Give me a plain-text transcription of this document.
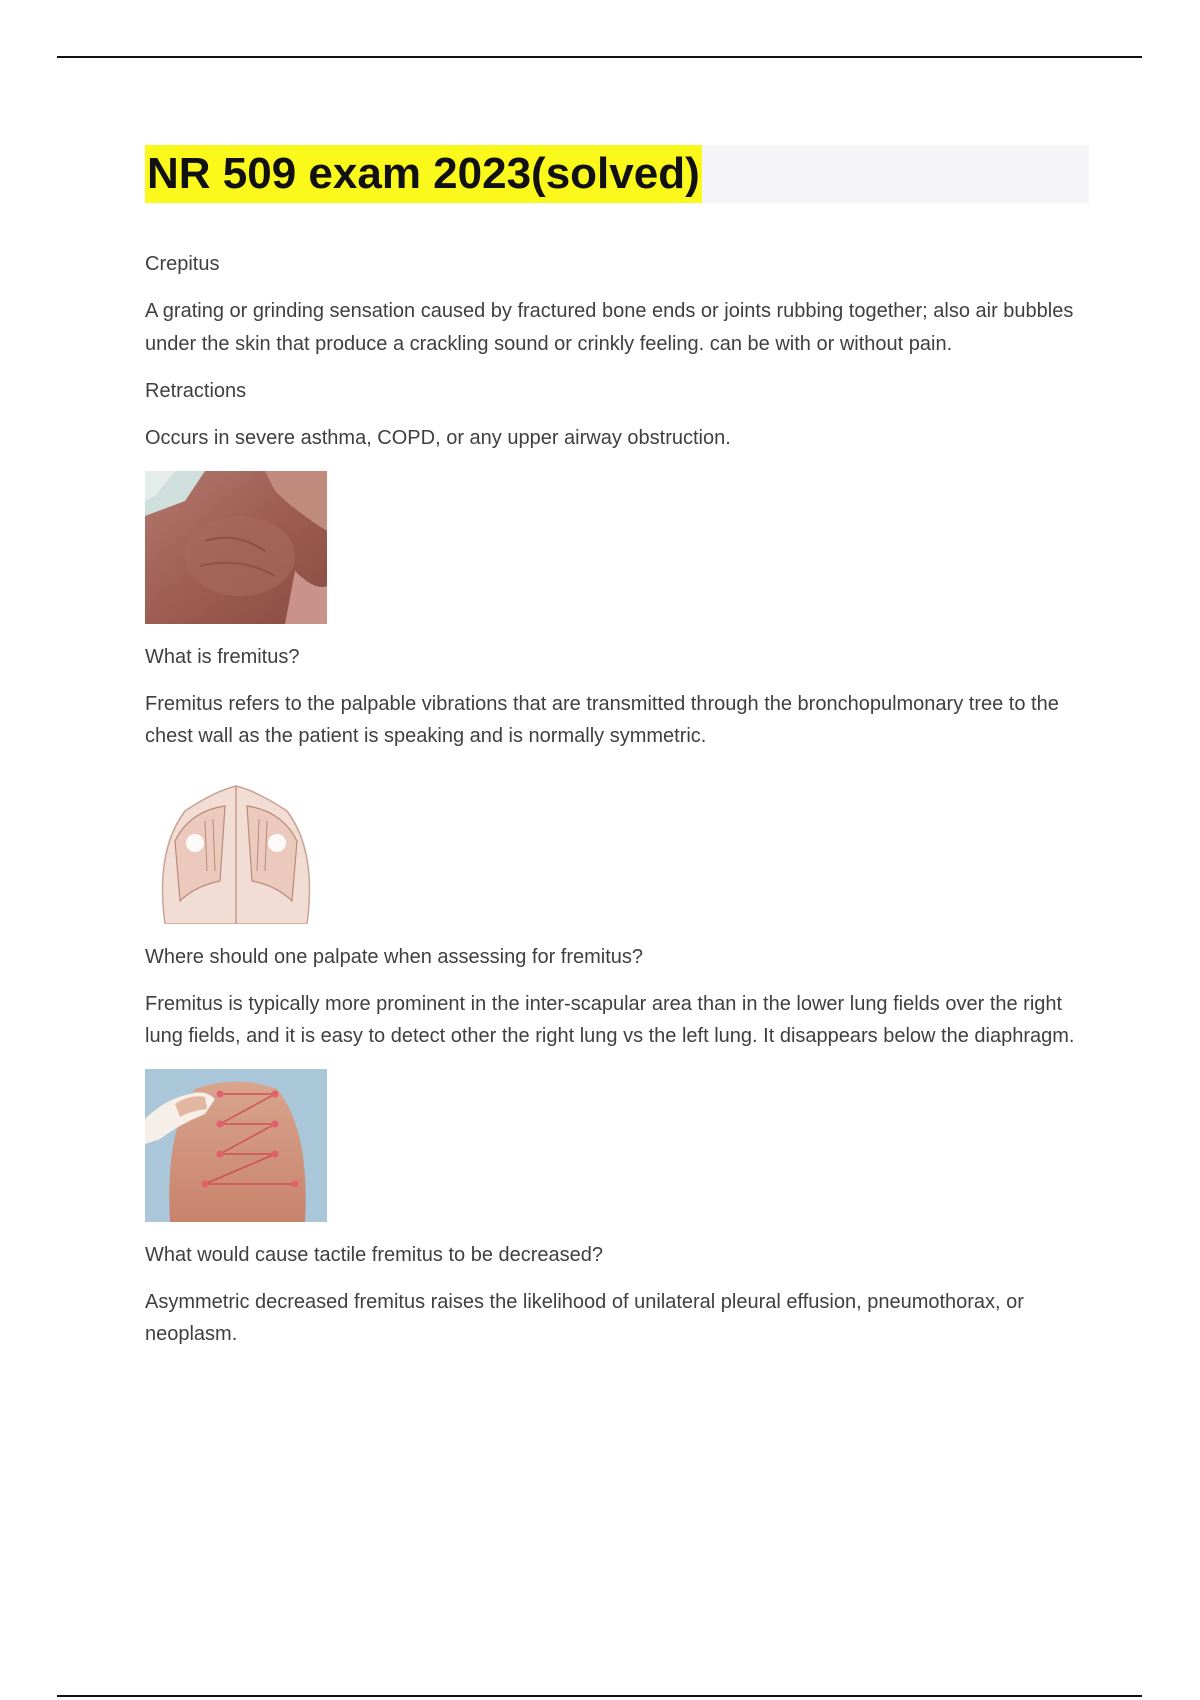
NR 509 exam 2023(solved)

Crepitus

A grating or grinding sensation caused by fractured bone ends or joints rubbing together; also air bubbles under the skin that produce a crackling sound or crinkly feeling. can be with or without pain.

Retractions

Occurs in severe asthma, COPD, or any upper airway obstruction.

What is fremitus?

Fremitus refers to the palpable vibrations that are transmitted through the bronchopulmonary tree to the chest wall as the patient is speaking and is normally symmetric.

Where should one palpate when assessing for fremitus?

Fremitus is typically more prominent in the inter-scapular area than in the lower lung fields over the right lung fields, and it is easy to detect other the right lung vs the left lung. It disappears below the diaphragm.

What would cause tactile fremitus to be decreased?

Asymmetric decreased fremitus raises the likelihood of unilateral pleural effusion, pneumothorax, or neoplasm.
